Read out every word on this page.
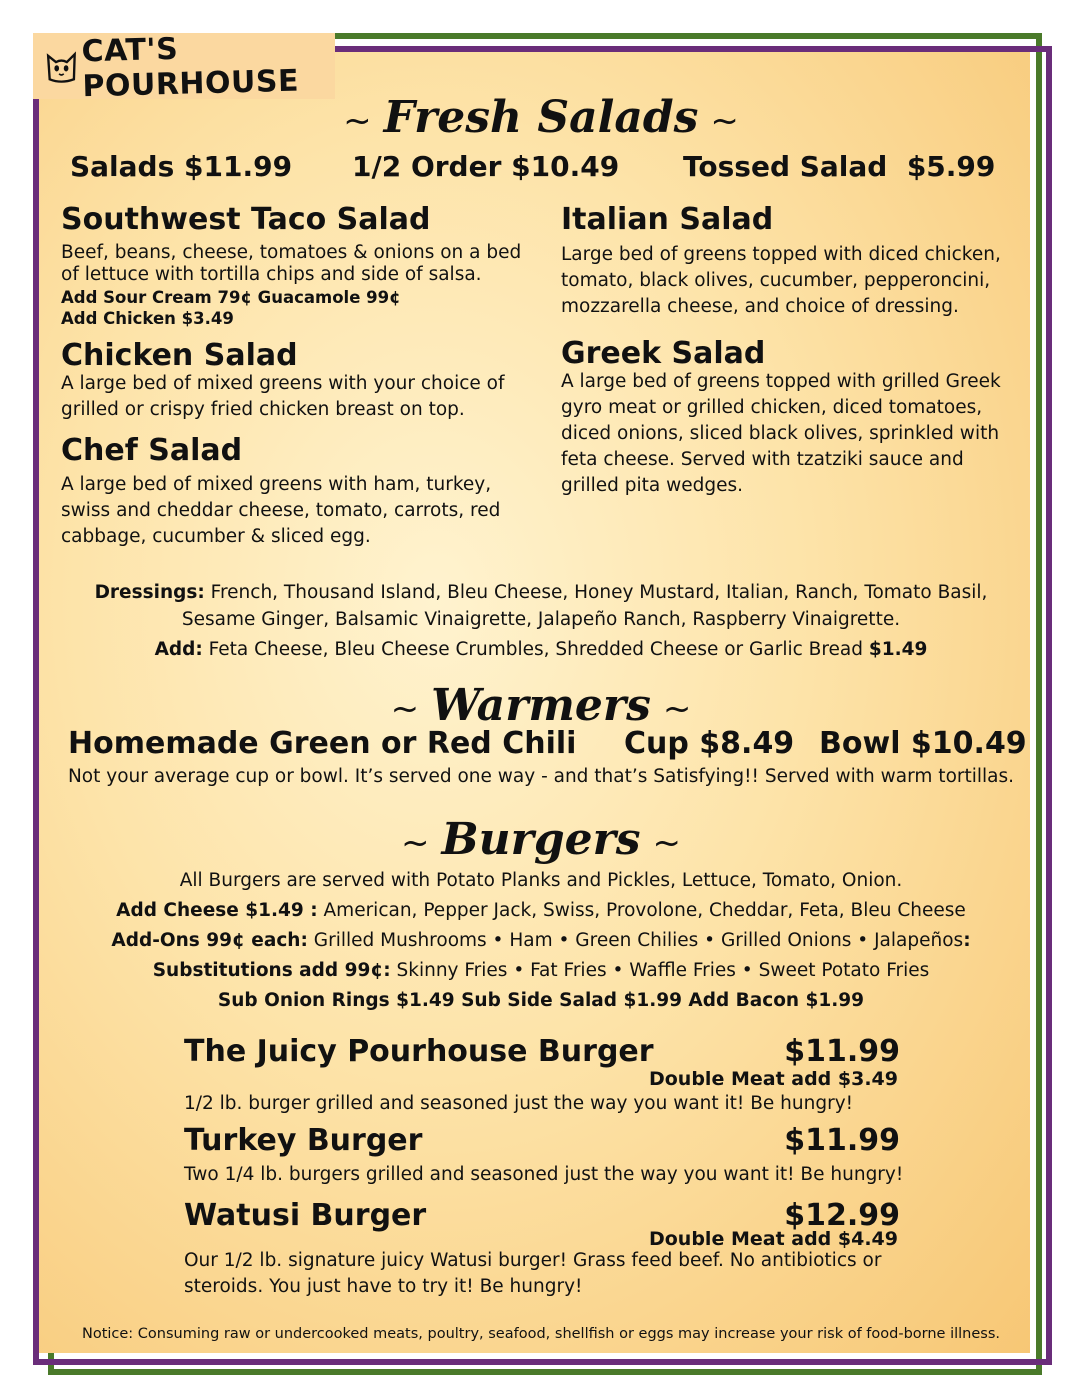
CAT'S POURHOUSE
~ Fresh Salads ~
Salads $11.99 1/2 Order $10.49 Tossed Salad  $5.99
Southwest Taco Salad
Beef, beans, cheese, tomatoes & onions on a bed of lettuce with tortilla chips and side of salsa.
Add Sour Cream 79¢ Guacamole 99¢
Add Chicken $3.49
Chicken Salad
A large bed of mixed greens with your choice of grilled or crispy fried chicken breast on top.
Chef Salad
A large bed of mixed greens with ham, turkey, swiss and cheddar cheese, tomato, carrots, red cabbage, cucumber & sliced egg.
Italian Salad
Large bed of greens topped with diced chicken, tomato, black olives, cucumber, pepperoncini, mozzarella cheese, and choice of dressing.
Greek Salad
A large bed of greens topped with grilled Greek gyro meat or grilled chicken, diced tomatoes, diced onions, sliced black olives, sprinkled with feta cheese. Served with tzatziki sauce and grilled pita wedges.
Dressings: French, Thousand Island, Bleu Cheese, Honey Mustard, Italian, Ranch, Tomato Basil,
Sesame Ginger, Balsamic Vinaigrette, Jalapeño Ranch, Raspberry Vinaigrette.
Add: Feta Cheese, Bleu Cheese Crumbles, Shredded Cheese or Garlic Bread $1.49
~ Warmers ~
Homemade Green or Red Chili Cup $8.49 Bowl $10.49
Not your average cup or bowl. It’s served one way - and that’s Satisfying!! Served with warm tortillas.
~ Burgers ~
All Burgers are served with Potato Planks and Pickles, Lettuce, Tomato, Onion.
Add Cheese $1.49 : American, Pepper Jack, Swiss, Provolone, Cheddar, Feta, Bleu Cheese
Add-Ons 99¢ each: Grilled Mushrooms • Ham • Green Chilies • Grilled Onions • Jalapeños:
Substitutions add 99¢: Skinny Fries • Fat Fries • Waffle Fries • Sweet Potato Fries
Sub Onion Rings $1.49 Sub Side Salad $1.99 Add Bacon $1.99
The Juicy Pourhouse Burger	$11.99
Double Meat add $3.49
1/2 lb. burger grilled and seasoned just the way you want it! Be hungry!
Turkey Burger	$11.99
Two 1/4 lb. burgers grilled and seasoned just the way you want it! Be hungry!
Watusi Burger	$12.99
Double Meat add $4.49
Our 1/2 lb. signature juicy Watusi burger! Grass feed beef. No antibiotics or steroids. You just have to try it! Be hungry!
Notice: Consuming raw or undercooked meats, poultry, seafood, shellfish or eggs may increase your risk of food-borne illness.
